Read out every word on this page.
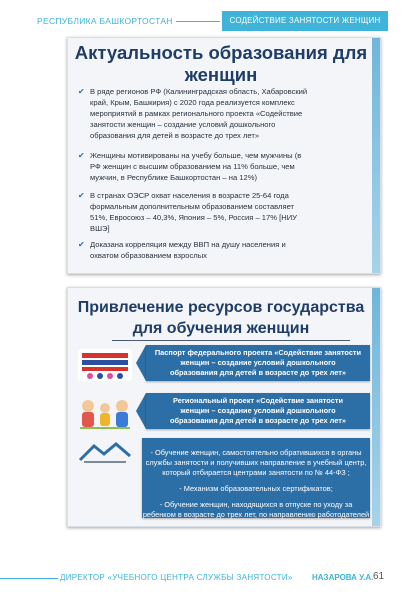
РЕСПУБЛИКА БАШКОРТОСТАН	СОДЕЙСТВИЕ ЗАНЯТОСТИ ЖЕНЩИН
Актуальность образования для
женщин
✔ В ряде регионов РФ (Калининградская область, Хабаровский
край, Крым, Башкирия) с 2020 года реализуется комплекс
мероприятий в рамках регионального проекта «Содействие
занятости женщин – создание условий дошкольного
образования для детей в возрасте до трех лет»
✔ Женщины мотивированы на учебу больше, чем мужчины (в
РФ женщин с высшим образованием на 11% больше, чем
мужчин, в Республике Башкортостан – на 12%)
✔ В странах ОЭСР охват населения в возрасте 25-64 года
формальным дополнительным образованием составляет
51%, Евросоюз – 40,3%, Япония – 5%, Россия – 17% [НИУ
ВШЭ]
✔ Доказана корреляция между ВВП на душу населения и
охватом образованием взрослых
Привлечение ресурсов государства
для обучения женщин
Паспорт федерального проекта «Содействие занятости
женщин – создание условий дошкольного
образования для детей в возрасте до трех лет»
Региональный проект «Содействие занятости
женщин – создание условий дошкольного
образования для детей в возрасте до трех лет»
- Обучение женщин, самостоятельно обратившихся в органы
службы занятости и получивших направление в учебный центр,
который отбирается центрами занятости по № 44-ФЗ ;
- Механизм образовательных сертификатов;
- Обучение женщин, находящихся в отпуске по уходу за
ребенком в возрасте до трех лет, по направлению работодателей
ДИРЕКТОР «УЧЕБНОГО ЦЕНТРА СЛУЖБЫ ЗАНЯТОСТИ» НАЗАРОВА У.А. 61
